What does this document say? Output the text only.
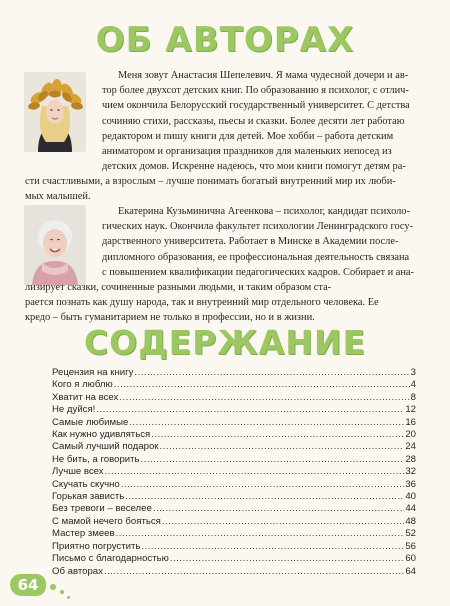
ОБ АВТОРАХ

Меня зовут Анастасия Шепелевич. Я мама чудесной дочери и ав-
тор более двухсот детских книг. По образованию я психолог, с отлич-
чием окончила Белорусский государственный университет. С детства
сочиняю стихи, рассказы, пьесы и сказки. Более десяти лет работаю
редактором и пишу книги для детей. Мое хобби – работа детским
аниматором и организация праздников для маленьких непосед из

детских домов. Искренне надеюсь, что мои книги помогут детям ра-
сти счастливыми, а взрослым – лучше понимать богатый внутренний мир их люби-
мых малышей.

Екатерина Кузьминична Агеенкова – психолог, кандидат психоло-
гических наук. Окончила факультет психологии Ленинградского госу-
дарственного университета. Работает в Минске в Академии после-
дипломного образования, ее профессиональная деятельность связана
с повышением квалификации педагогических кадров. Собирает и ана-

лизирует сказки, сочиненные разными людьми, и таким образом ста-
рается познать как душу народа, так и внутренний мир отдельного человека. Ее
кредо – быть гуманитарием не только в профессии, но и в жизни.

СОДЕРЖАНИЕ
Рецензия на книгу .....	3
Кого я люблю .....	4
Хватит на всех .....	8
Не дуйся! .....	12
Самые любимые .....	16
Как нужно удивляться .....	20
Самый лучший подарок .....	24
Не бить, а говорить .....	28
Лучше всех .....	32
Скучать скучно .....	36
Горькая зависть .....	40
Без тревоги – веселее .....	44
С мамой нечего бояться .....	48
Мастер змеев .....	52
Приятно погрустить .....	56
Письмо с благодарностью .....	60
Об авторах .....	64
64
